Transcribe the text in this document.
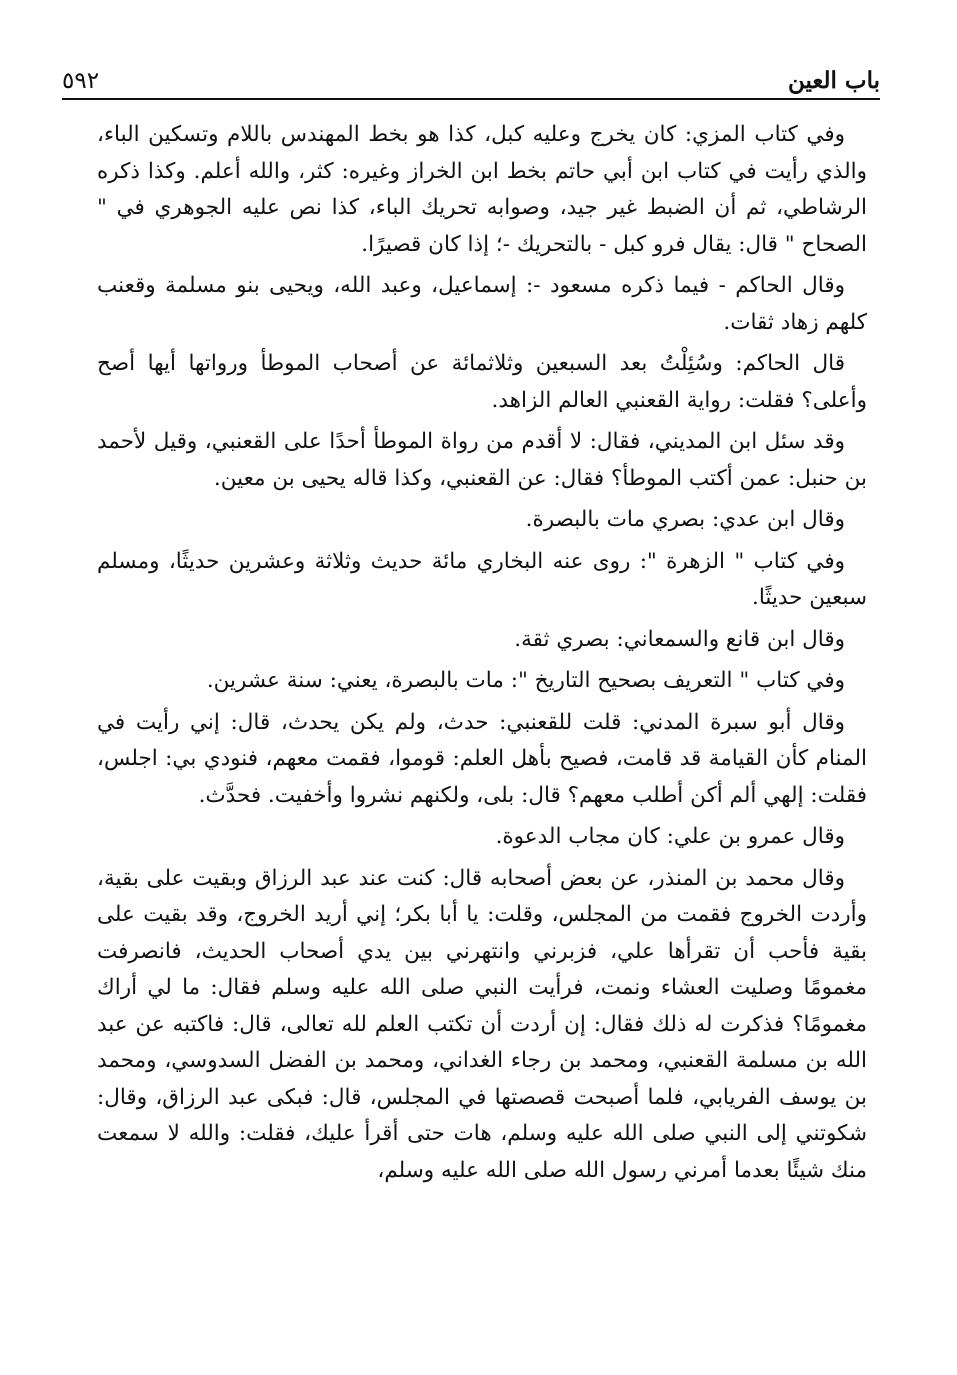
باب العين
٥٩٢

وفي كتاب المزي: كان يخرج وعليه كبل، كذا هو بخط المهندس باللام وتسكين الباء، والذي رأيت في كتاب ابن أبي حاتم بخط ابن الخراز وغيره: كثر، والله أعلم. وكذا ذكره الرشاطي، ثم أن الضبط غير جيد، وصوابه تحريك الباء، كذا نص عليه الجوهري في " الصحاح " قال: يقال فرو كبل - بالتحريك -؛ إذا كان قصيرًا.

وقال الحاكم - فيما ذكره مسعود -: إسماعيل، وعبد الله، ويحيى بنو مسلمة وقعنب كلهم زهاد ثقات.

قال الحاكم: وسُئِلْتُ بعد السبعين وثلاثمائة عن أصحاب الموطأ ورواتها أيها أصح وأعلى؟ فقلت: رواية القعنبي العالم الزاهد.

وقد سئل ابن المديني، فقال: لا أقدم من رواة الموطأ أحدًا على القعنبي، وقيل لأحمد بن حنبل: عمن أكتب الموطأ؟ فقال: عن القعنبي، وكذا قاله يحيى بن معين.

وقال ابن عدي: بصري مات بالبصرة.

وفي كتاب " الزهرة ": روى عنه البخاري مائة حديث وثلاثة وعشرين حديثًا، ومسلم سبعين حديثًا.

وقال ابن قانع والسمعاني: بصري ثقة.

وفي كتاب " التعريف بصحيح التاريخ ": مات بالبصرة، يعني: سنة عشرين.

وقال أبو سبرة المدني: قلت للقعنبي: حدث، ولم يكن يحدث، قال: إني رأيت في المنام كأن القيامة قد قامت، فصيح بأهل العلم: قوموا، فقمت معهم، فنودي بي: اجلس، فقلت: إلهي ألم أكن أطلب معهم؟ قال: بلى، ولكنهم نشروا وأخفيت. فحدَّث.

وقال عمرو بن علي: كان مجاب الدعوة.

وقال محمد بن المنذر، عن بعض أصحابه قال: كنت عند عبد الرزاق وبقيت على بقية، وأردت الخروج فقمت من المجلس، وقلت: يا أبا بكر؛ إني أريد الخروج، وقد بقيت على بقية فأحب أن تقرأها علي، فزبرني وانتهرني بين يدي أصحاب الحديث، فانصرفت مغمومًا وصليت العشاء ونمت، فرأيت النبي صلى الله عليه وسلم فقال: ما لي أراك مغمومًا؟ فذكرت له ذلك فقال: إن أردت أن تكتب العلم لله تعالى، قال: فاكتبه عن عبد الله بن مسلمة القعنبي، ومحمد بن رجاء الغداني، ومحمد بن الفضل السدوسي، ومحمد بن يوسف الفريابي، فلما أصبحت قصصتها في المجلس، قال: فبكى عبد الرزاق، وقال: شكوتني إلى النبي صلى الله عليه وسلم، هات حتى أقرأ عليك، فقلت: والله لا سمعت منك شيئًا بعدما أمرني رسول الله صلى الله عليه وسلم،
